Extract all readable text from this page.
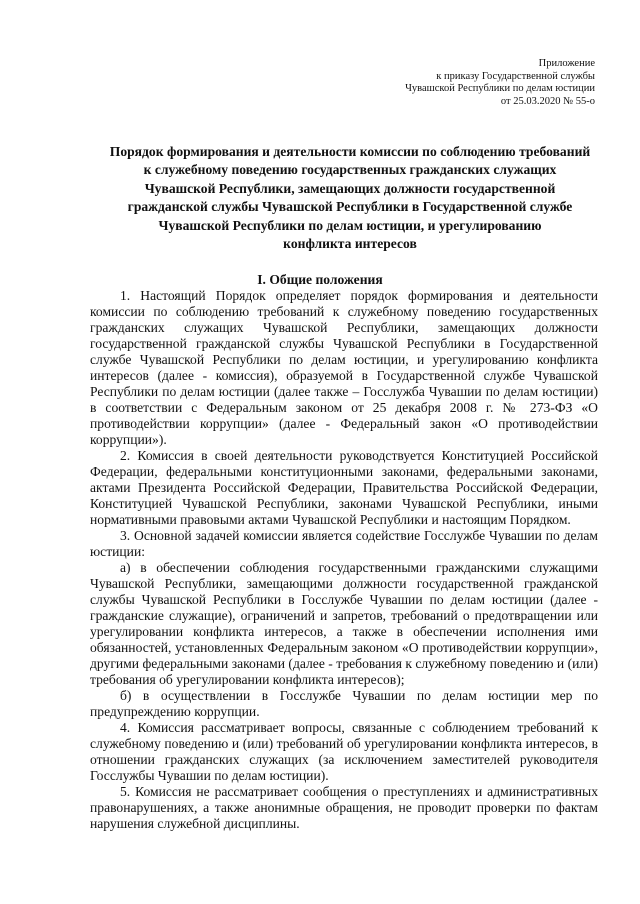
Приложение
к приказу Государственной службы
Чувашской Республики по делам юстиции
от 25.03.2020 № 55-о
Порядок формирования и деятельности комиссии по соблюдению требований
к служебному поведению государственных гражданских служащих
Чувашской Республики, замещающих должности государственной
гражданской службы Чувашской Республики в Государственной службе
Чувашской Республики по делам юстиции, и урегулированию
конфликта интересов
I. Общие положения

1. Настоящий Порядок определяет порядок формирования и деятельности комиссии по соблюдению требований к служебному поведению государственных гражданских служащих Чувашской Республики, замещающих должности государственной гражданской службы Чувашской Республики в Государственной службе Чувашской Республики по делам юстиции, и урегулированию конфликта интересов (далее - комиссия), образуемой в Государственной службе Чувашской Республики по делам юстиции (далее также – Госслужба Чувашии по делам юстиции) в соответствии с Федеральным законом от 25 декабря 2008 г. № 273-ФЗ «О противодействии коррупции» (далее - Федеральный закон «О противодействии коррупции»).

2. Комиссия в своей деятельности руководствуется Конституцией Российской Федерации, федеральными конституционными законами, федеральными законами, актами Президента Российской Федерации, Правительства Российской Федерации, Конституцией Чувашской Республики, законами Чувашской Республики, иными нормативными правовыми актами Чувашской Республики и настоящим Порядком.

3. Основной задачей комиссии является содействие Госслужбе Чувашии по делам юстиции:

а) в обеспечении соблюдения государственными гражданскими служащими Чувашской Республики, замещающими должности государственной гражданской службы Чувашской Республики в Госслужбе Чувашии по делам юстиции (далее - гражданские служащие), ограничений и запретов, требований о предотвращении или урегулировании конфликта интересов, а также в обеспечении исполнения ими обязанностей, установленных Федеральным законом «О противодействии коррупции», другими федеральными законами (далее - требования к служебному поведению и (или) требования об урегулировании конфликта интересов);

б) в осуществлении в Госслужбе Чувашии по делам юстиции мер по предупреждению коррупции.

4. Комиссия рассматривает вопросы, связанные с соблюдением требований к служебному поведению и (или) требований об урегулировании конфликта интересов, в отношении гражданских служащих (за исключением заместителей руководителя Госслужбы Чувашии по делам юстиции).

5. Комиссия не рассматривает сообщения о преступлениях и административных правонарушениях, а также анонимные обращения, не проводит проверки по фактам нарушения служебной дисциплины.
